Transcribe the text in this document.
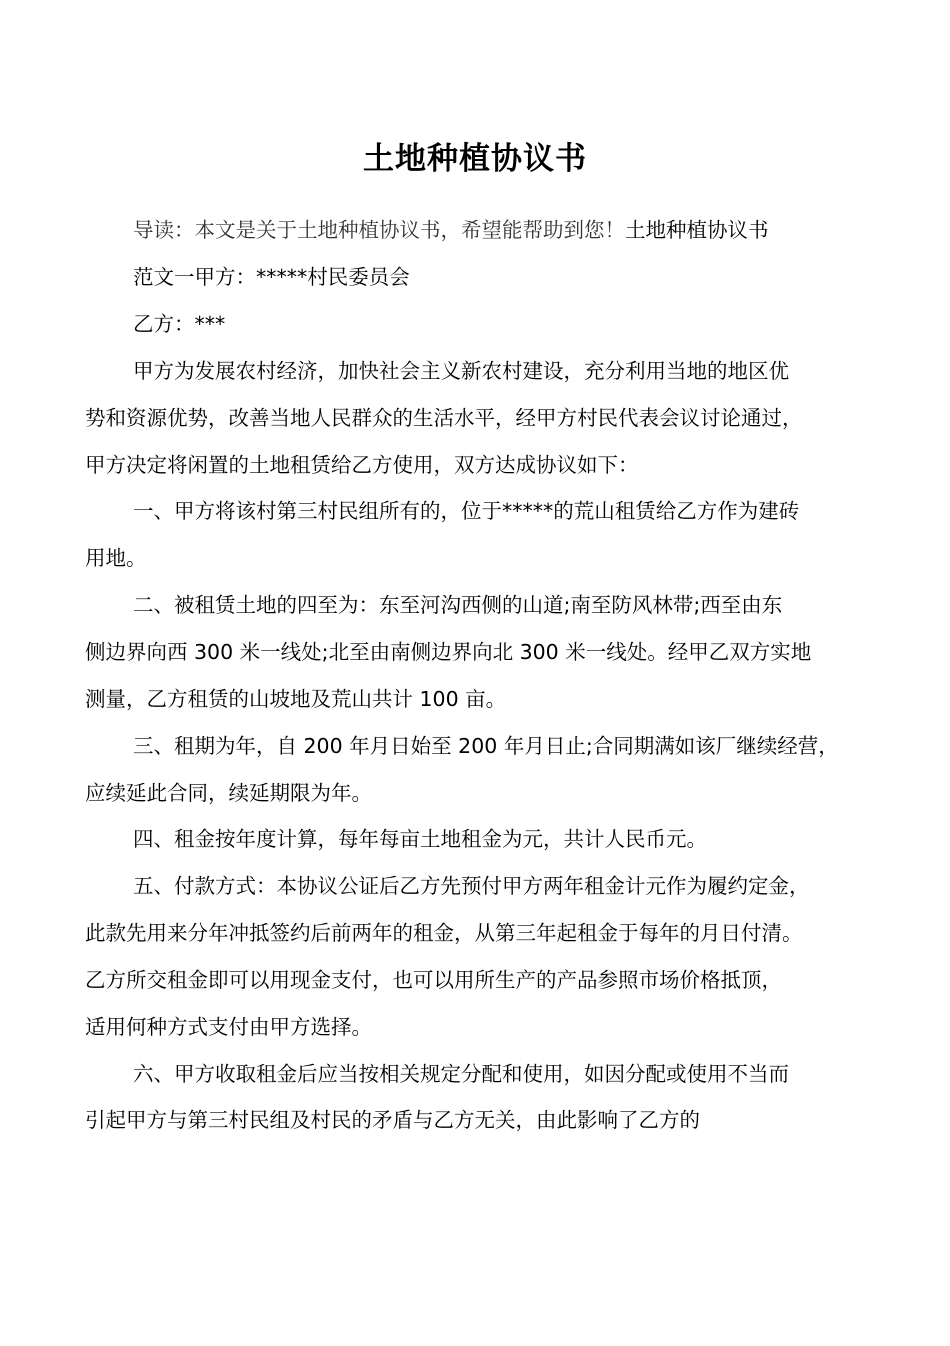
土地种植协议书
导读：本文是关于土地种植协议书，希望能帮助到您！土地种植协议书
范文一甲方：*****村民委员会
乙方：***
甲方为发展农村经济，加快社会主义新农村建设，充分利用当地的地区优
势和资源优势，改善当地人民群众的生活水平，经甲方村民代表会议讨论通过，
甲方决定将闲置的土地租赁给乙方使用，双方达成协议如下：
一、甲方将该村第三村民组所有的，位于*****的荒山租赁给乙方作为建砖
用地。
二、被租赁土地的四至为：东至河沟西侧的山道;南至防风林带;西至由东
侧边界向西 300 米一线处;北至由南侧边界向北 300 米一线处。经甲乙双方实地
测量，乙方租赁的山坡地及荒山共计 100 亩。
三、租期为年，自 200 年月日始至 200 年月日止;合同期满如该厂继续经营，
应续延此合同，续延期限为年。
四、租金按年度计算，每年每亩土地租金为元，共计人民币元。
五、付款方式：本协议公证后乙方先预付甲方两年租金计元作为履约定金，
此款先用来分年冲抵签约后前两年的租金，从第三年起租金于每年的月日付清。
乙方所交租金即可以用现金支付，也可以用所生产的产品参照市场价格抵顶，
适用何种方式支付由甲方选择。
六、甲方收取租金后应当按相关规定分配和使用，如因分配或使用不当而
引起甲方与第三村民组及村民的矛盾与乙方无关，由此影响了乙方的
